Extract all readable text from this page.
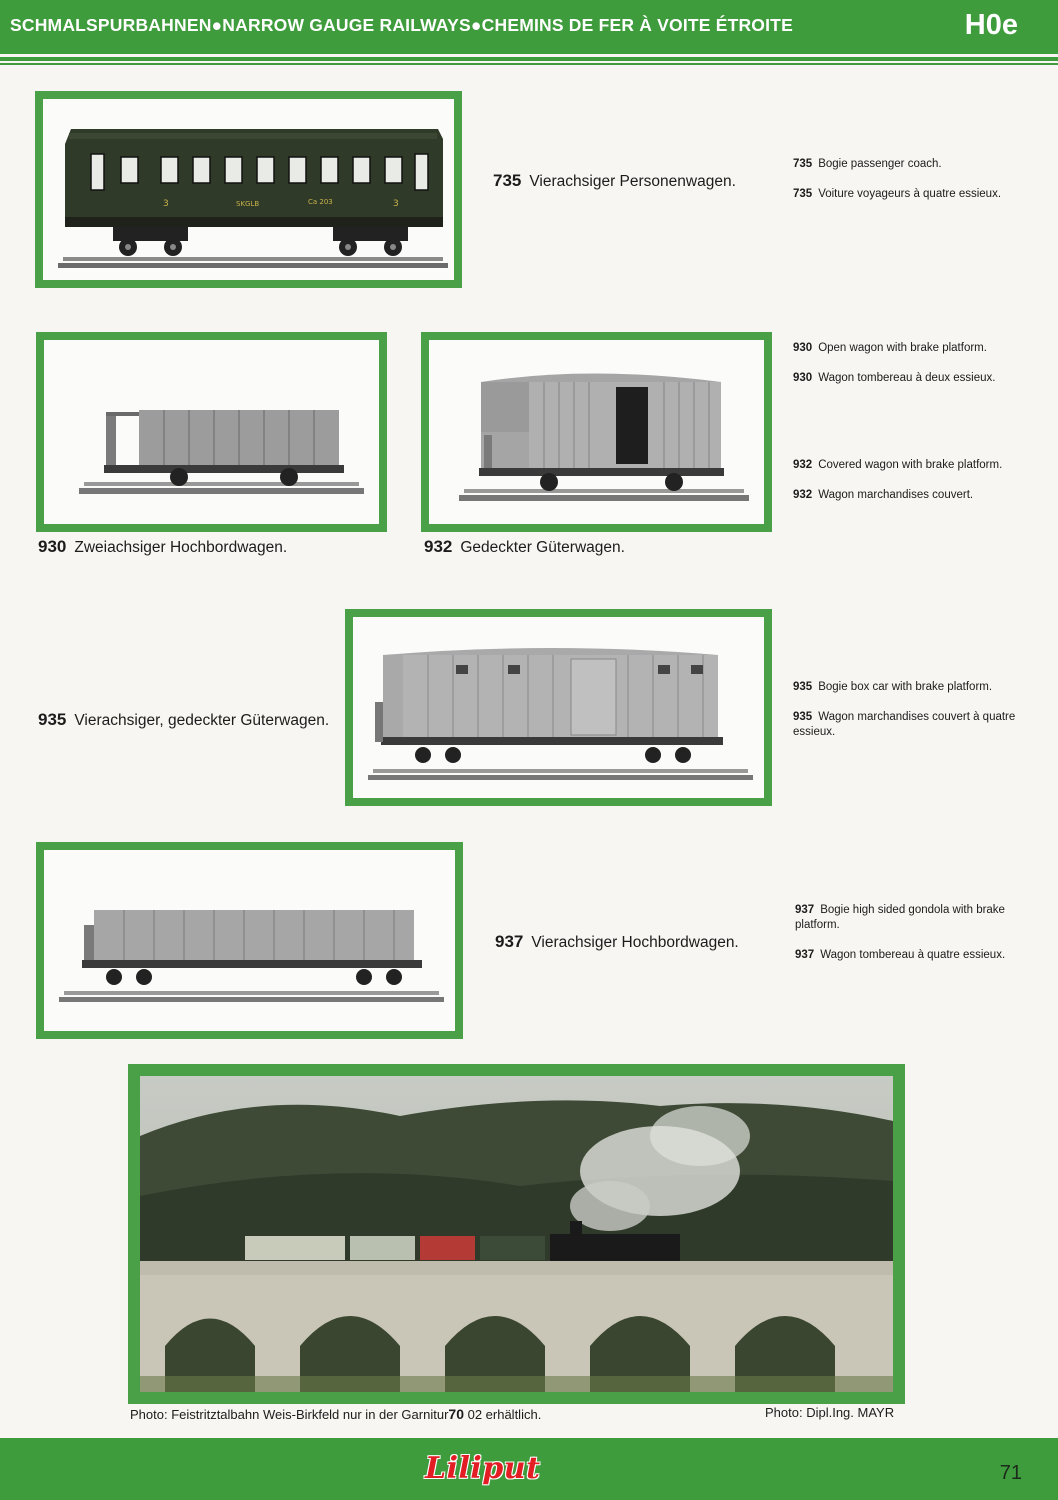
SCHMALSPURBAHNEN●NARROW GAUGE RAILWAYS●CHEMINS DE FER À VOITE ÉTROITE	H0e
3	SKGLB	Ca 203	3
735 Vierachsiger Personenwagen.

735 Bogie passenger coach.

735 Voiture voyageurs à quatre essieux.

930 Zweiachsiger Hochbordwagen.	932 Gedeckter Güterwagen.

930 Open wagon with brake platform.

930 Wagon tombereau à deux essieux.

932 Covered wagon with brake platform.

932 Wagon marchandises couvert.

935 Vierachsiger, gedeckter Güterwagen.

935 Bogie box car with brake platform.

935 Wagon marchandises couvert à quatre essieux.

937 Vierachsiger Hochbordwagen.

937 Bogie high sided gondola with brake platform.

937 Wagon tombereau à quatre essieux.

Photo: Feistritztalbahn Weis-Birkfeld nur in der Garnitur70 02 erhältlich.	Photo: Dipl.Ing. MAYR
Liliput	71
